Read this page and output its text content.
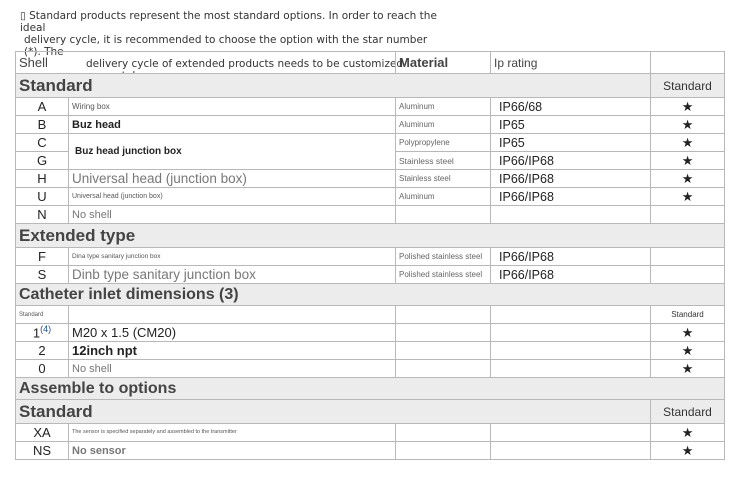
▯ Standard products represent the most standard options. In order to reach the ideal
delivery cycle, it is recommended to choose the option with the star number (*). The
delivery cycle of extended products needs to be customized
Shell		Material	Ip rating	
Standard				Standard
A	Wiring box	Aluminum	IP66/68	★
B	Buz head	Aluminum	IP65	★
C	Buz head junction box	Polypropylene	IP65	★
G		Stainless steel	IP66/IP68	★
H	Universal head (junction box)	Stainless steel	IP66/IP68	★
U	Universal head (junction box)	Aluminum	IP66/IP68	★
N	No shell			
Extended type				
F	Dina type sanitary junction box	Polished stainless steel	IP66/IP68	
S	Dinb type sanitary junction box	Polished stainless steel	IP66/IP68	
Catheter inlet dimensions (3)				
Standard				Standard
1$^{(4)}$	M20 x 1.5 (CM20)			★
2	12inch npt			★
0	No shell			★
Assemble to options				
Standard				Standard
XA	The sensor is specified separately and assembled to the transmitter			★
NS	No sensor			★
